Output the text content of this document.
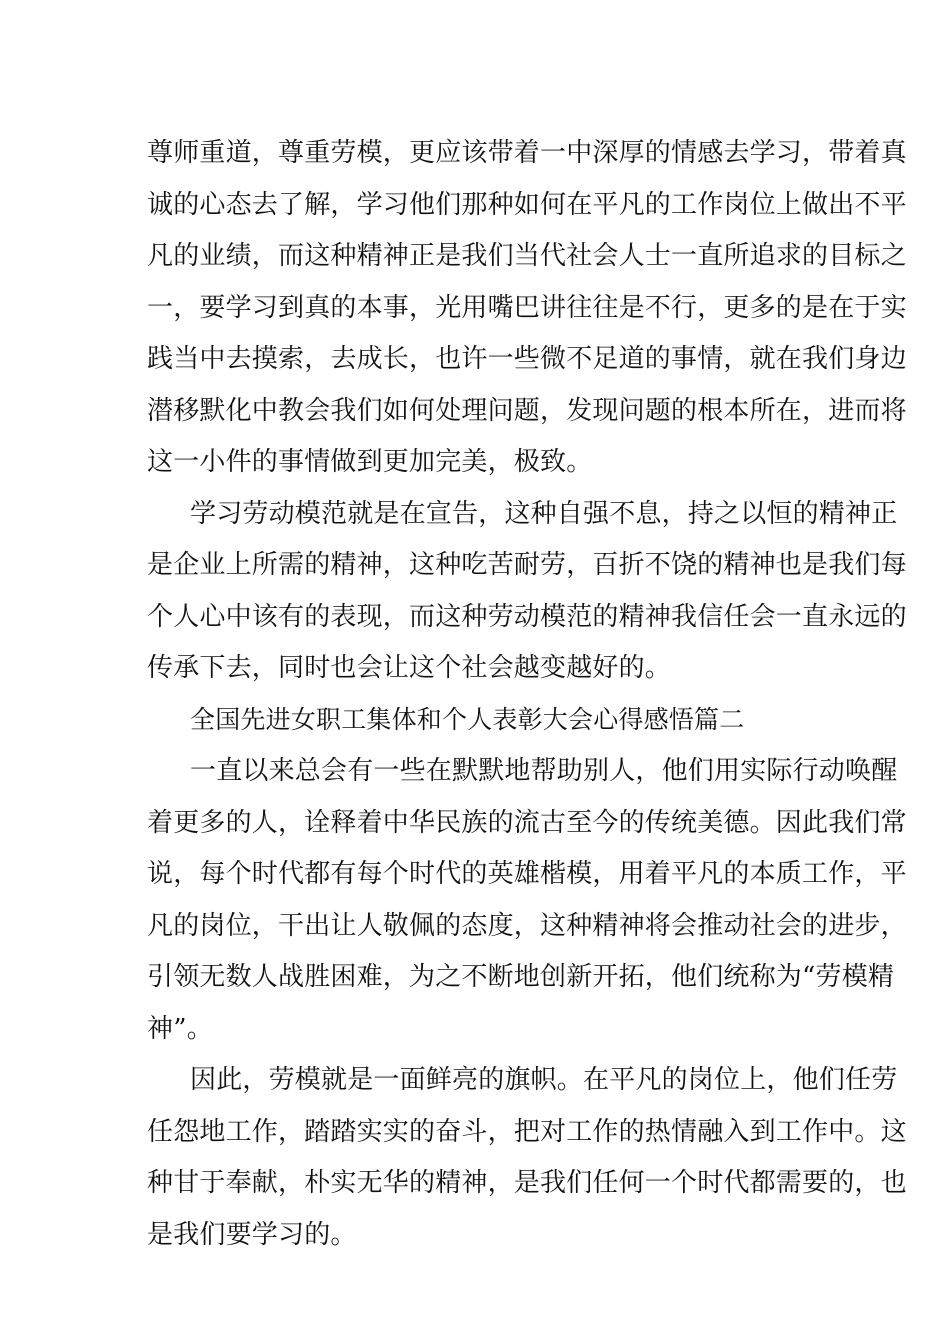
尊师重道，尊重劳模，更应该带着一中深厚的情感去学习，带着真
诚的心态去了解，学习他们那种如何在平凡的工作岗位上做出不平
凡的业绩，而这种精神正是我们当代社会人士一直所追求的目标之
一，要学习到真的本事，光用嘴巴讲往往是不行，更多的是在于实
践当中去摸索，去成长，也许一些微不足道的事情，就在我们身边
潜移默化中教会我们如何处理问题，发现问题的根本所在，进而将
这一小件的事情做到更加完美，极致。
学习劳动模范就是在宣告，这种自强不息，持之以恒的精神正
是企业上所需的精神，这种吃苦耐劳，百折不饶的精神也是我们每
个人心中该有的表现，而这种劳动模范的精神我信任会一直永远的
传承下去，同时也会让这个社会越变越好的。
全国先进女职工集体和个人表彰大会心得感悟篇二
一直以来总会有一些在默默地帮助别人，他们用实际行动唤醒
着更多的人，诠释着中华民族的流古至今的传统美德。因此我们常
说，每个时代都有每个时代的英雄楷模，用着平凡的本质工作，平
凡的岗位，干出让人敬佩的态度，这种精神将会推动社会的进步，
引领无数人战胜困难，为之不断地创新开拓，他们统称为“劳模精
神”。
因此，劳模就是一面鲜亮的旗帜。在平凡的岗位上，他们任劳
任怨地工作，踏踏实实的奋斗，把对工作的热情融入到工作中。这
种甘于奉献，朴实无华的精神，是我们任何一个时代都需要的，也
是我们要学习的。
